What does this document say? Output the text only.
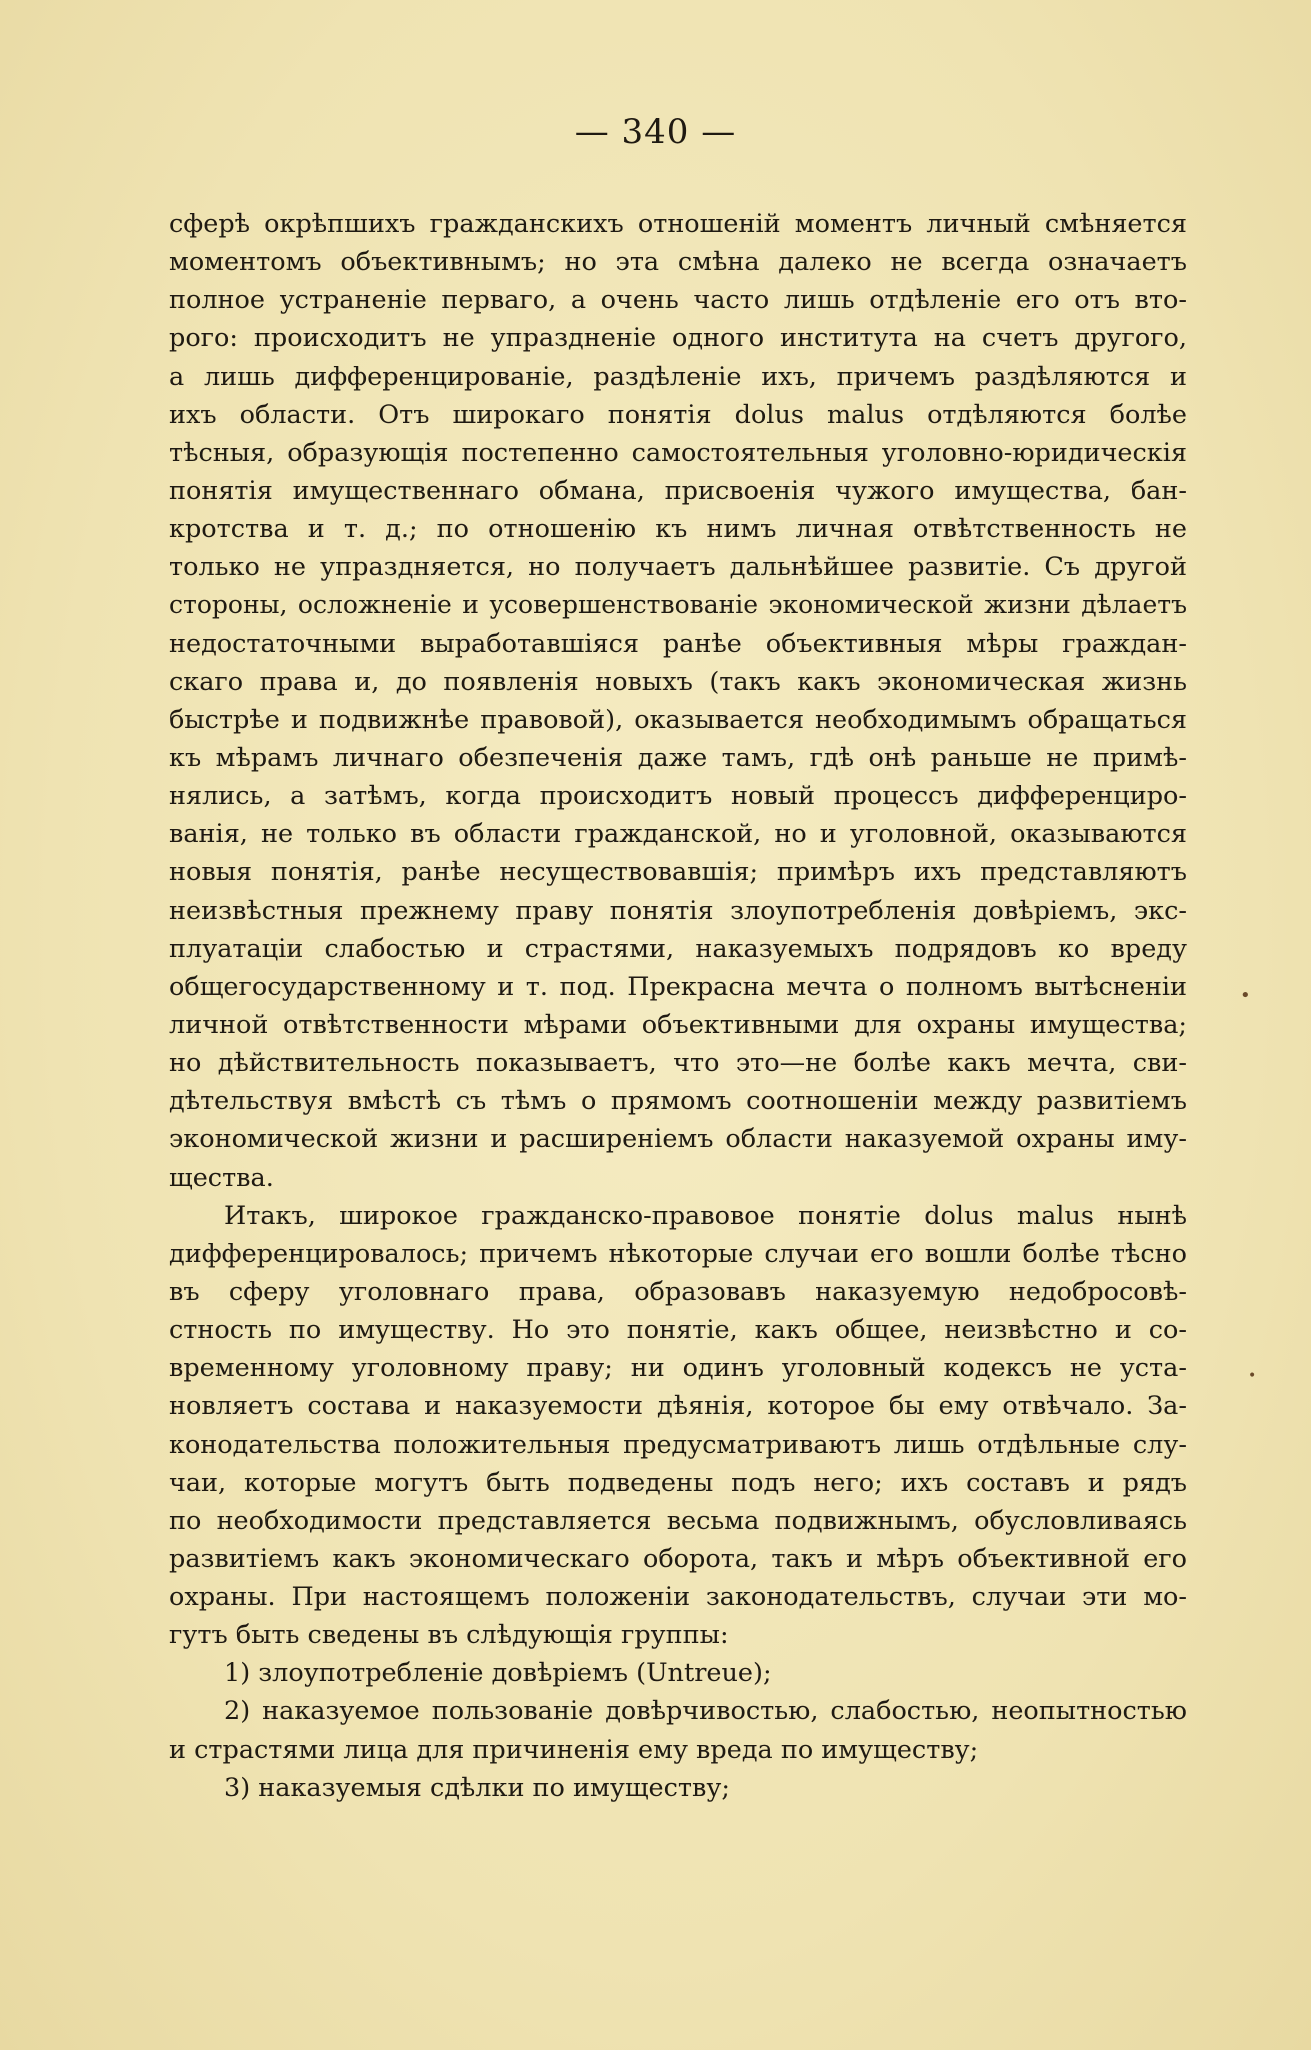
— 340 —
сферѣ окрѣпшихъ гражданскихъ отношеній моментъ личный смѣняется
моментомъ объективнымъ; но эта смѣна далеко не всегда означаетъ
полное устраненіе перваго, а очень часто лишь отдѣленіе его отъ вто-
рого: происходитъ не упраздненіе одного института на счетъ другого,
а лишь дифференцированіе, раздѣленіе ихъ, причемъ раздѣляются и
ихъ области. Отъ широкаго понятія dolus malus отдѣляются болѣе
тѣсныя, образующія постепенно самостоятельныя уголовно-юридическія
понятія имущественнаго обмана, присвоенія чужого имущества, бан-
кротства и т. д.; по отношенію къ нимъ личная отвѣтственность не
только не упраздняется, но получаетъ дальнѣйшее развитіе. Съ другой
стороны, осложненіе и усовершенствованіе экономической жизни дѣлаетъ
недостаточными выработавшіяся ранѣе объективныя мѣры граждан-
скаго права и, до появленія новыхъ (такъ какъ экономическая жизнь
быстрѣе и подвижнѣе правовой), оказывается необходимымъ обращаться
къ мѣрамъ личнаго обезпеченія даже тамъ, гдѣ онѣ раньше не примѣ-
нялись, а затѣмъ, когда происходитъ новый процессъ дифференциро-
ванія, не только въ области гражданской, но и уголовной, оказываются
новыя понятія, ранѣе несуществовавшія; примѣръ ихъ представляютъ
неизвѣстныя прежнему праву понятія злоупотребленія довѣріемъ, экс-
плуатаціи слабостью и страстями, наказуемыхъ подрядовъ ко вреду
общегосударственному и т. под. Прекрасна мечта о полномъ вытѣсненіи
личной отвѣтственности мѣрами объективными для охраны имущества;
но дѣйствительность показываетъ, что это—не болѣе какъ мечта, сви-
дѣтельствуя вмѣстѣ съ тѣмъ о прямомъ соотношеніи между развитіемъ
экономической жизни и расширеніемъ области наказуемой охраны иму-
щества.
Итакъ, широкое гражданско-правовое понятіе dolus malus нынѣ
дифференцировалось; причемъ нѣкоторые случаи его вошли болѣе тѣсно
въ сферу уголовнаго права, образовавъ наказуемую недобросовѣ-
стность по имуществу. Но это понятіе, какъ общее, неизвѣстно и со-
временному уголовному праву; ни одинъ уголовный кодексъ не уста-
новляетъ состава и наказуемости дѣянія, которое бы ему отвѣчало. За-
конодательства положительныя предусматриваютъ лишь отдѣльные слу-
чаи, которые могутъ быть подведены подъ него; ихъ составъ и рядъ
по необходимости представляется весьма подвижнымъ, обусловливаясь
развитіемъ какъ экономическаго оборота, такъ и мѣръ объективной его
охраны. При настоящемъ положеніи законодательствъ, случаи эти мо-
гутъ быть сведены въ слѣдующія группы:
1) злоупотребленіе довѣріемъ (Untreue);
2) наказуемое пользованіе довѣрчивостью, слабостью, неопытностью
и страстями лица для причиненія ему вреда по имуществу;
3) наказуемыя сдѣлки по имуществу;
•
•
